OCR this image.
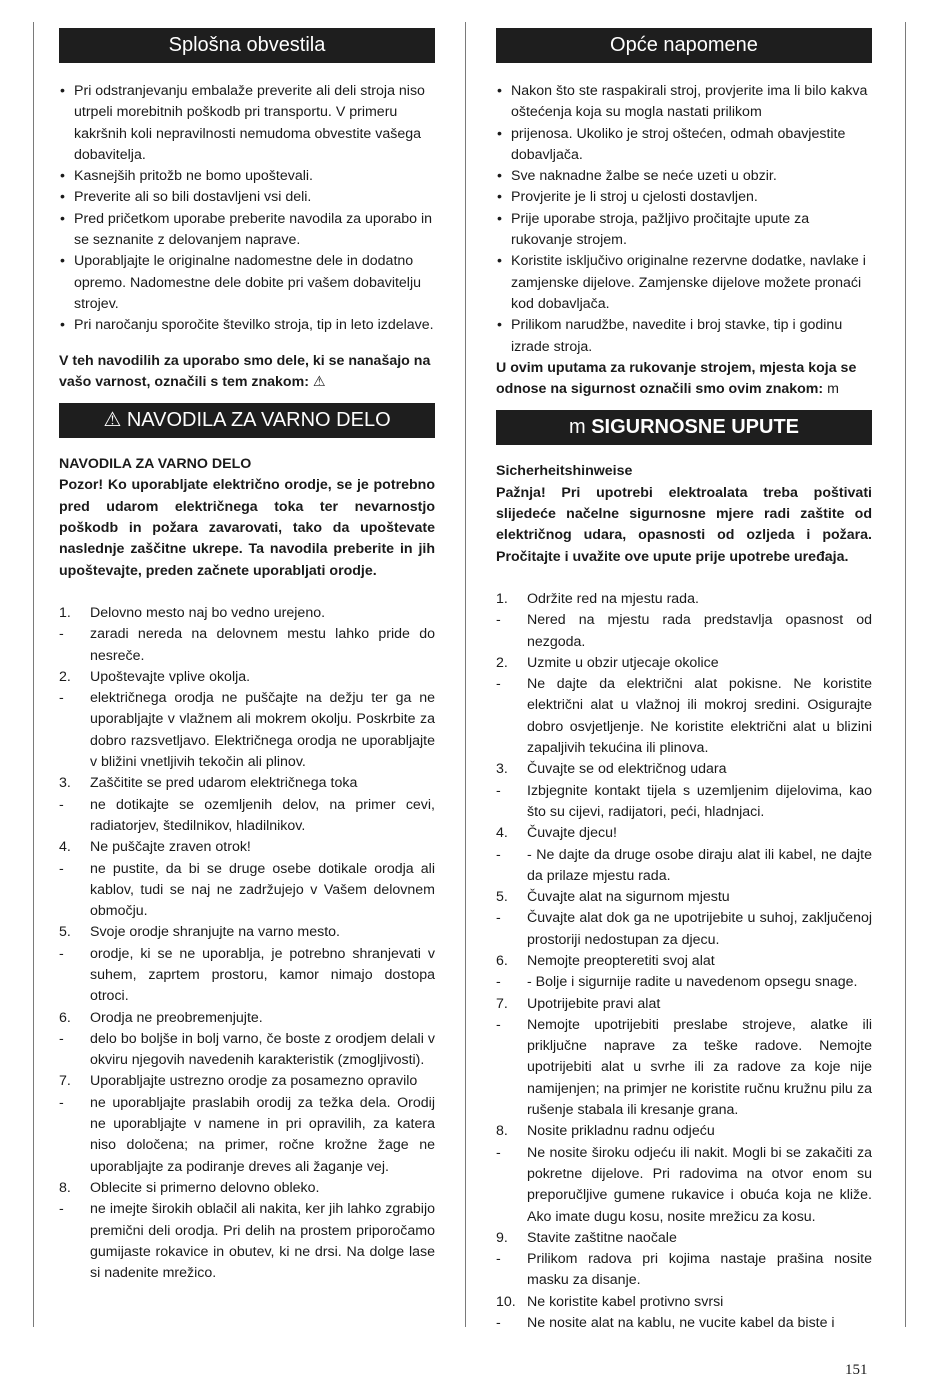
Splošna obvestila
• Pri odstranjevanju embalaže preverite ali deli stroja niso utrpeli morebitnih poškodb pri transportu. V primeru kakršnih koli nepravilnosti nemudoma obvestite vašega dobavitelja.
• Kasnejših pritožb ne bomo upoštevali.
• Preverite ali so bili dostavljeni vsi deli.
• Pred pričetkom uporabe preberite navodila za uporabo in se seznanite z delovanjem naprave.
• Uporabljajte le originalne nadomestne dele in dodatno opremo. Nadomestne dele dobite pri vašem dobavitelju strojev.
• Pri naročanju sporočite številko stroja, tip in leto izdelave.

V teh navodilih za uporabo smo dele, ki se nanašajo na vašo varnost, označili s tem znakom: ⚠

⚠ NAVODILA ZA VARNO DELO

NAVODILA ZA VARNO DELO

Pozor! Ko uporabljate električno orodje, se je potrebno pred udarom električnega toka ter nevarnostjo poškodb in požara zavarovati, tako da upoštevate naslednje zaščitne ukrepe. Ta navodila preberite in jih upoštevajte, preden začnete uporabljati orodje.

1. Delovno mesto naj bo vedno urejeno.
- zaradi nereda na delovnem mestu lahko pride do nesreče.
2. Upoštevajte vplive okolja.
- električnega orodja ne puščajte na dežju ter ga ne uporabljajte v vlažnem ali mokrem okolju. Poskrbite za dobro razsvetljavo. Električnega orodja ne uporabljajte v bližini vnetljivih tekočin ali plinov.
3. Zaščitite se pred udarom električnega toka
- ne dotikajte se ozemljenih delov, na primer cevi, radiatorjev, štedilnikov, hladilnikov.
4. Ne puščajte zraven otrok!
- ne pustite, da bi se druge osebe dotikale orodja ali kablov, tudi se naj ne zadržujejo v Vašem delovnem območju.
5. Svoje orodje shranjujte na varno mesto.
- orodje, ki se ne uporablja, je potrebno shranjevati v suhem, zaprtem prostoru, kamor nimajo dostopa otroci.
6. Orodja ne preobremenjujte.
- delo bo boljše in bolj varno, če boste z orodjem delali v okviru njegovih navedenih karakteristik (zmogljivosti).
7. Uporabljajte ustrezno orodje za posamezno opravilo
- ne uporabljajte praslabih orodij za težka dela. Orodij ne uporabljajte v namene in pri opravilih, za katera niso določena; na primer, ročne krožne žage ne uporabljajte za podiranje dreves ali žaganje vej.
8. Oblecite si primerno delovno obleko.
- ne imejte širokih oblačil ali nakita, ker jih lahko zgrabijo premični deli orodja. Pri delih na prostem priporočamo gumijaste rokavice in obutev, ki ne drsi. Na dolge lase si nadenite mrežico.
Opće napomene
• Nakon što ste raspakirali stroj, provjerite ima li bilo kakva oštećenja koja su mogla nastati prilikom
• prijenosa. Ukoliko je stroj oštećen, odmah obavjestite dobavljača.
• Sve naknadne žalbe se neće uzeti u obzir.
• Provjerite je li stroj u cjelosti dostavljen.
• Prije uporabe stroja, pažljivo pročitajte upute za rukovanje strojem.
• Koristite isključivo originalne rezervne dodatke, navlake i zamjenske dijelove. Zamjenske dijelove možete pronaći kod dobavljača.
• Prilikom narudžbe, navedite i broj stavke, tip i godinu izrade stroja.

U ovim uputama za rukovanje strojem, mjesta koja se odnose na sigurnost označili smo ovim znakom: m

m SIGURNOSNE UPUTE

Sicherheitshinweise

Pažnja! Pri upotrebi elektroalata treba poštivati slijedeće načelne sigurnosne mjere radi zaštite od električnog udara, opasnosti od ozljeda i požara. Pročitajte i uvažite ove upute prije upotrebe uređaja.

1. Održite red na mjestu rada.
- Nered na mjestu rada predstavlja opasnost od nezgoda.
2. Uzmite u obzir utjecaje okolice
- Ne dajte da električni alat pokisne. Ne koristite električni alat u vlažnoj ili mokroj sredini. Osigurajte dobro osvjetljenje. Ne koristite električni alat u blizini zapaljivih tekućina ili plinova.
3. Čuvajte se od električnog udara
- Izbjegnite kontakt tijela s uzemljenim dijelovima, kao što su cijevi, radijatori, peći, hladnjaci.
4. Čuvajte djecu!
- - Ne dajte da druge osobe diraju alat ili kabel, ne dajte da prilaze mjestu rada.
5. Čuvajte alat na sigurnom mjestu
- Čuvajte alat dok ga ne upotrijebite u suhoj, zaključenoj prostoriji nedostupan za djecu.
6. Nemojte preopteretiti svoj alat
- - Bolje i sigurnije radite u navedenom opsegu snage.
7. Upotrijebite pravi alat
- Nemojte upotrijebiti preslabe strojeve, alatke ili priključne naprave za teške radove. Nemojte upotrijebiti alat u svrhe ili za radove za koje nije namijenjen; na primjer ne koristite ručnu kružnu pilu za rušenje stabala ili kresanje grana.
8. Nosite prikladnu radnu odjeću
- Ne nosite široku odjeću ili nakit. Mogli bi se zakačiti za pokretne dijelove. Pri radovima na otvor enom su preporučljive gumene rukavice i obuća koja ne kliže. Ako imate dugu kosu, nosite mrežicu za kosu.
9. Stavite zaštitne naočale
- Prilikom radova pri kojima nastaje prašina nosite masku za disanje.
10. Ne koristite kabel protivno svrsi
- Ne nosite alat na kablu, ne vucite kabel da biste i
151
